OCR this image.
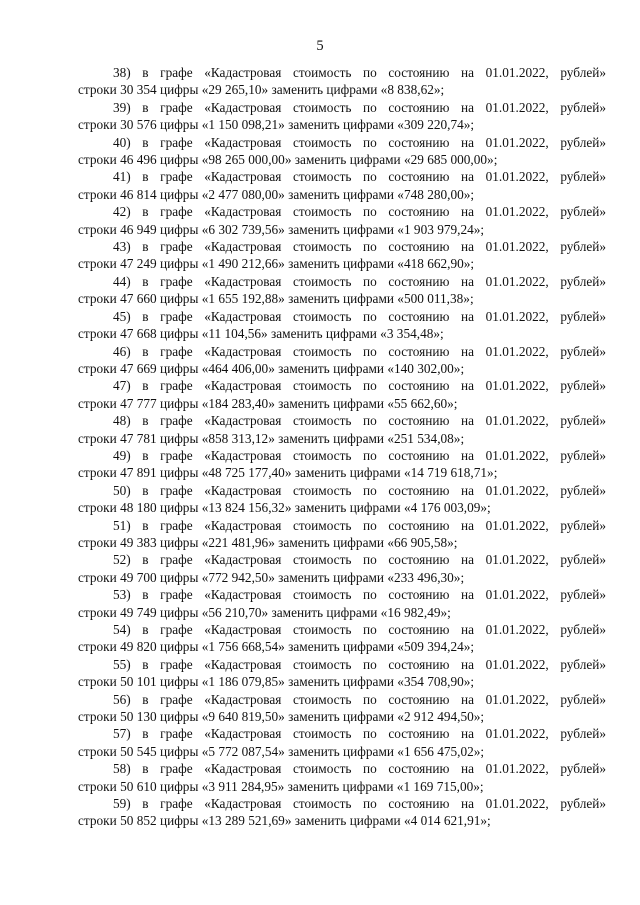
5
38) в графе «Кадастровая стоимость по состоянию на 01.01.2022, рублей»
строки 30 354 цифры «29 265,10» заменить цифрами «8 838,62»;
39) в графе «Кадастровая стоимость по состоянию на 01.01.2022, рублей»
строки 30 576 цифры «1 150 098,21» заменить цифрами «309 220,74»;
40) в графе «Кадастровая стоимость по состоянию на 01.01.2022, рублей»
строки 46 496 цифры «98 265 000,00» заменить цифрами «29 685 000,00»;
41) в графе «Кадастровая стоимость по состоянию на 01.01.2022, рублей»
строки 46 814 цифры «2 477 080,00» заменить цифрами «748 280,00»;
42) в графе «Кадастровая стоимость по состоянию на 01.01.2022, рублей»
строки 46 949 цифры «6 302 739,56» заменить цифрами «1 903 979,24»;
43) в графе «Кадастровая стоимость по состоянию на 01.01.2022, рублей»
строки 47 249 цифры «1 490 212,66» заменить цифрами «418 662,90»;
44) в графе «Кадастровая стоимость по состоянию на 01.01.2022, рублей»
строки 47 660 цифры «1 655 192,88» заменить цифрами «500 011,38»;
45) в графе «Кадастровая стоимость по состоянию на 01.01.2022, рублей»
строки 47 668 цифры «11 104,56» заменить цифрами «3 354,48»;
46) в графе «Кадастровая стоимость по состоянию на 01.01.2022, рублей»
строки 47 669 цифры «464 406,00» заменить цифрами «140 302,00»;
47) в графе «Кадастровая стоимость по состоянию на 01.01.2022, рублей»
строки 47 777 цифры «184 283,40» заменить цифрами «55 662,60»;
48) в графе «Кадастровая стоимость по состоянию на 01.01.2022, рублей»
строки 47 781 цифры «858 313,12» заменить цифрами «251 534,08»;
49) в графе «Кадастровая стоимость по состоянию на 01.01.2022, рублей»
строки 47 891 цифры «48 725 177,40» заменить цифрами «14 719 618,71»;
50) в графе «Кадастровая стоимость по состоянию на 01.01.2022, рублей»
строки 48 180 цифры «13 824 156,32» заменить цифрами «4 176 003,09»;
51) в графе «Кадастровая стоимость по состоянию на 01.01.2022, рублей»
строки 49 383 цифры «221 481,96» заменить цифрами «66 905,58»;
52) в графе «Кадастровая стоимость по состоянию на 01.01.2022, рублей»
строки 49 700 цифры «772 942,50» заменить цифрами «233 496,30»;
53) в графе «Кадастровая стоимость по состоянию на 01.01.2022, рублей»
строки 49 749 цифры «56 210,70» заменить цифрами «16 982,49»;
54) в графе «Кадастровая стоимость по состоянию на 01.01.2022, рублей»
строки 49 820 цифры «1 756 668,54» заменить цифрами «509 394,24»;
55) в графе «Кадастровая стоимость по состоянию на 01.01.2022, рублей»
строки 50 101 цифры «1 186 079,85» заменить цифрами «354 708,90»;
56) в графе «Кадастровая стоимость по состоянию на 01.01.2022, рублей»
строки 50 130 цифры «9 640 819,50» заменить цифрами «2 912 494,50»;
57) в графе «Кадастровая стоимость по состоянию на 01.01.2022, рублей»
строки 50 545 цифры «5 772 087,54» заменить цифрами «1 656 475,02»;
58) в графе «Кадастровая стоимость по состоянию на 01.01.2022, рублей»
строки 50 610 цифры «3 911 284,95» заменить цифрами «1 169 715,00»;
59) в графе «Кадастровая стоимость по состоянию на 01.01.2022, рублей»
строки 50 852 цифры «13 289 521,69» заменить цифрами «4 014 621,91»;
